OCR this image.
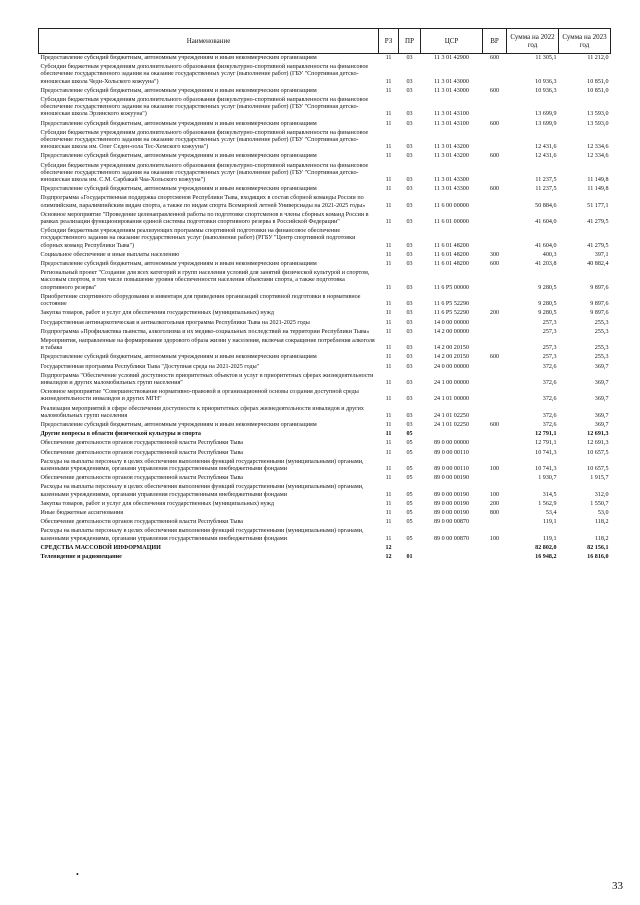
Наименование	РЗ	ПР	ЦСР	ВР	Сумма на 2022 год	Сумма на 2023 год
Предоставление субсидий бюджетным, автономным учреждениям и иным некоммерческим организациям	11	03	11 3 01 42900	600	11 305,1	11 212,0
Субсидии бюджетным учреждениям дополнительного образования физкультурно-спортивной направленности на финансовое обеспечение государственного задания на оказание государственных услуг (выполнение работ) (ГБУ "Спортивная детско-юношеская школа Чеди-Хольского кожууна")	11	03	11 3 01 43000		10 936,3	10 851,0
Предоставление субсидий бюджетным, автономным учреждениям и иным некоммерческим организациям	11	03	11 3 01 43000	600	10 936,3	10 851,0
Субсидии бюджетным учреждениям дополнительного образования физкультурно-спортивной направленности на финансовое обеспечение государственного задания на оказание государственных услуг (выполнение работ) (ГБУ "Спортивная детско-юношеская школа Эрзинского кожууна")	11	03	11 3 01 43100		13 699,9	13 593,0
Предоставление субсидий бюджетным, автономным учреждениям и иным некоммерческим организациям	11	03	11 3 01 43100	600	13 699,9	13 593,0
Субсидии бюджетным учреждениям дополнительного образования физкультурно-спортивной направленности на финансовое обеспечение государственного задания на оказание государственных услуг (выполнение работ) (ГБУ "Спортивная детско-юношеская школа им. Олег Седен-оола Тес-Хемского кожууна")	11	03	11 3 01 43200		12 431,6	12 334,6
Предоставление субсидий бюджетным, автономным учреждениям и иным некоммерческим организациям	11	03	11 3 01 43200	600	12 431,6	12 334,6
Субсидии бюджетным учреждениям дополнительного образования физкультурно-спортивной направленности на финансовое обеспечение государственного задания на оказание государственных услуг (выполнение работ) (ГБУ "Спортивная детско-юношеская школа им. С.М. Сарбакай Чаа-Хольского кожууна")	11	03	11 3 01 43300		11 237,5	11 149,8
Предоставление субсидий бюджетным, автономным учреждениям и иным некоммерческим организациям	11	03	11 3 01 43300	600	11 237,5	11 149,8
Подпрограмма «Государственная поддержка спортсменов Республики Тыва, входящих в состав сборной команды России по олимпийским, паралимпийским видам спорта, а также по видам спорта Всемирной летней Универсиады на 2021-2025 годы»	11	03	11 6 00 00000		50 884,6	51 177,1
Основное мероприятие "Проведение целенаправленной работы по подготовке спортсменов в члены сборных команд России в рамках реализации функционирования единой системы подготовки спортивного резерва в Российской Федерации"	11	03	11 6 01 00000		41 604,0	41 279,5
Субсидии бюджетным учреждениям реализующих программы спортивной подготовки на финансовое обеспечение государственного задания на оказание государственных услуг (выполнение работ) (РГБУ "Центр спортивной подготовки сборных команд Республики Тыва")	11	03	11 6 01 48200		41 604,0	41 279,5
Социальное обеспечение и иные выплаты населению	11	03	11 6 01 48200	300	400,3	397,1
Предоставление субсидий бюджетным, автономным учреждениям и иным некоммерческим организациям	11	03	11 6 01 48200	600	41 203,8	40 882,4
Региональный проект "Создание для всех категорий и групп населения условий для занятий физической культурой и спортом, массовым спортом, в том числе повышение уровня обеспеченности населения объектами спорта, а также подготовка спортивного резерва"	11	03	11 6 P5 00000		9 280,5	9 897,6
Приобретение спортивного оборудования и инвентаря для приведения организаций спортивной подготовки в нормативное состояние	11	03	11 6 P5 52290		9 280,5	9 897,6
Закупка товаров, работ и услуг для обеспечения государственных (муниципальных) нужд	11	03	11 6 P5 52290	200	9 280,5	9 897,6
Государственная антинаркотическая и антиалкогольная программа Республики Тыва на 2021-2025 годы	11	03	14 0 00 00000		257,3	255,3
Подпрограмма «Профилактика пьянства, алкоголизма и их медико-социальных последствий на территории Республики Тыва»	11	03	14 2 00 00000		257,3	255,3
Мероприятия, направленные на формирование здорового образа жизни у населения, включая сокращение потребления алкоголя и табака	11	03	14 2 00 20150		257,3	255,3
Предоставление субсидий бюджетным, автономным учреждениям и иным некоммерческим организациям	11	03	14 2 00 20150	600	257,3	255,3
Государственная программа Республики Тыва "Доступная среда на 2021-2025 годы"	11	03	24 0 00 00000		372,6	369,7
Подпрограмма "Обеспечение условий доступности приоритетных объектов и услуг в приоритетных сферах жизнедеятельности инвалидов и других маломобильных групп населения"	11	03	24 1 00 00000		372,6	369,7
Основное мероприятие "Совершенствование нормативно-правовой и организационной основы создания доступной среды жизнедеятельности инвалидов и других МГН"	11	03	24 1 01 00000		372,6	369,7
Реализация мероприятий в сфере обеспечения доступности к приоритетных сферах жизнедеятельности инвалидов и других маломобильных групп населения	11	03	24 1 01 02250		372,6	369,7
Предоставление субсидий бюджетным, автономным учреждениям и иным некоммерческим организациям	11	03	24 1 01 02250	600	372,6	369,7
Другие вопросы в области физической культуры и спорта	11	05			12 791,1	12 691,3
Обеспечение деятельности органов государственной власти Республики Тыва	11	05	89 0 00 00000		12 791,1	12 691,3
Обеспечение деятельности органов государственной власти Республики Тыва	11	05	89 0 00 00110		10 741,3	10 657,5
Расходы на выплаты персоналу в целях обеспечения выполнения функций государственными (муниципальными) органами, казенными учреждениями, органами управления государственными внебюджетными фондами	11	05	89 0 00 00110	100	10 741,3	10 657,5
Обеспечение деятельности органов государственной власти Республики Тыва	11	05	89 0 00 00190		1 930,7	1 915,7
Расходы на выплаты персоналу в целях обеспечения выполнения функций государственными (муниципальными) органами, казенными учреждениями, органами управления государственными внебюджетными фондами	11	05	89 0 00 00190	100	314,5	312,0
Закупка товаров, работ и услуг для обеспечения государственных (муниципальных) нужд	11	05	89 0 00 00190	200	1 562,9	1 550,7
Иные бюджетные ассигнования	11	05	89 0 00 00190	800	53,4	53,0
Обеспечение деятельности органов государственной власти Республики Тыва	11	05	89 0 00 00870		119,1	118,2
Расходы на выплаты персоналу в целях обеспечения выполнения функций государственными (муниципальными) органами, казенными учреждениями, органами управления государственными внебюджетными фондами	11	05	89 0 00 00870	100	119,1	118,2
СРЕДСТВА МАССОВОЙ ИНФОРМАЦИИ	12				82 802,0	82 156,1
Телевидение и радиовещание	12	01			16 948,2	16 816,0
•
33
